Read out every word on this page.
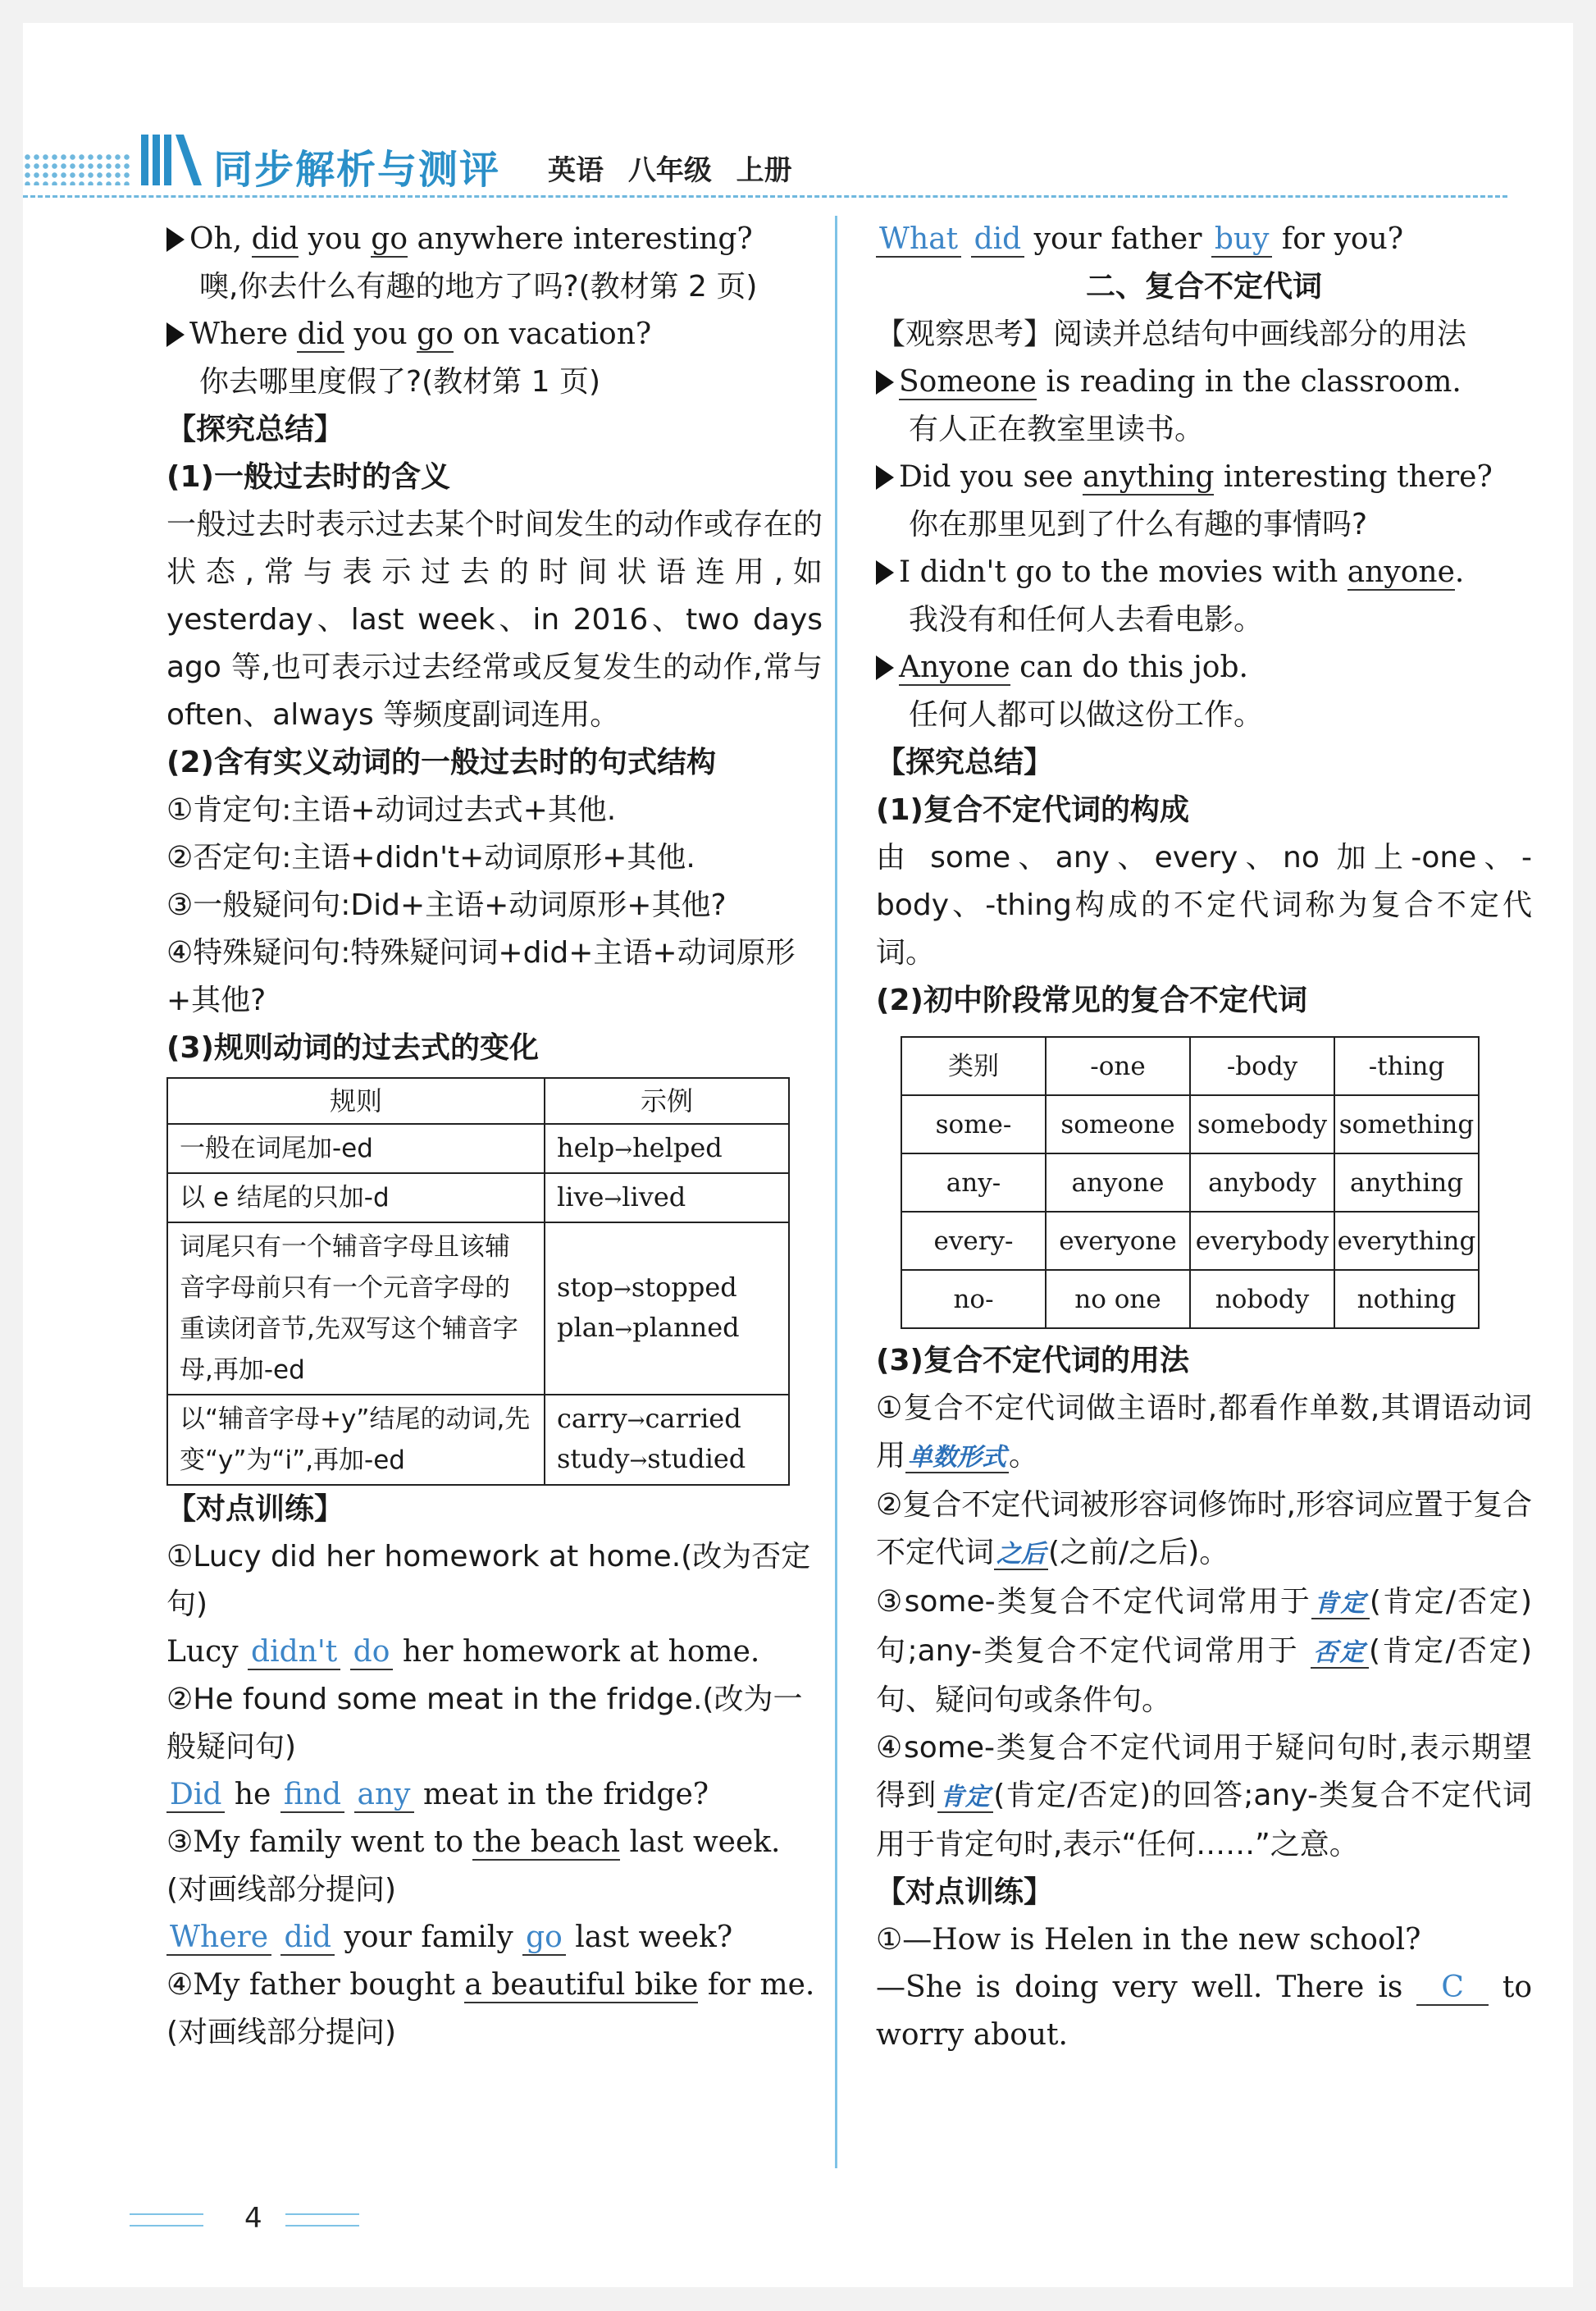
同步解析与测评 英语 八年级 上册

Oh, did you go anywhere interesting?

噢,你去什么有趣的地方了吗?(教材第 2 页)

Where did you go on vacation?

你去哪里度假了?(教材第 1 页)

【探究总结】

(1)一般过去时的含义

一般过去时表示过去某个时间发生的动作或存在的状态,常与表示过去的时间状语连用,如 yesterday、last week、in 2016、two days ago 等,也可表示过去经常或反复发生的动作,常与 often、always 等频度副词连用。

(2)含有实义动词的一般过去时的句式结构

①肯定句:主语+动词过去式+其他.

②否定句:主语+didn't+动词原形+其他.

③一般疑问句:Did+主语+动词原形+其他?

④特殊疑问句:特殊疑问词+did+主语+动词原形+其他?

(3)规则动词的过去式的变化

规则	示例
一般在词尾加-ed	help→helped
以 e 结尾的只加-d	live→lived
词尾只有一个辅音字母且该辅音字母前只有一个元音字母的重读闭音节,先双写这个辅音字母,再加-ed	stop→stopped
plan→planned
以“辅音字母+y”结尾的动词,先变“y”为“i”,再加-ed	carry→carried
study→studied

【对点训练】

①Lucy did her homework at home.(改为否定句)

Lucy didn't do her homework at home.

②He found some meat in the fridge.(改为一般疑问句)

Did he find any meat in the fridge?

③My family went to the beach last week.

(对画线部分提问)

Where did your family go last week?

④My father bought a beautiful bike for me.

(对画线部分提问)

What did your father buy for you?

二、复合不定代词

【观察思考】阅读并总结句中画线部分的用法

Someone is reading in the classroom.

有人正在教室里读书。

Did you see anything interesting there?

你在那里见到了什么有趣的事情吗?

I didn't go to the movies with anyone.

我没有和任何人去看电影。

Anyone can do this job.

任何人都可以做这份工作。

【探究总结】

(1)复合不定代词的构成

由 some、any、every、no 加上-one、-body、-thing构成的不定代词称为复合不定代词。

(2)初中阶段常见的复合不定代词

类别	-one	-body	-thing
some-	someone	somebody	something
any-	anyone	anybody	anything
every-	everyone	everybody	everything
no-	no one	nobody	nothing

(3)复合不定代词的用法

①复合不定代词做主语时,都看作单数,其谓语动词用 单数形式。

②复合不定代词被形容词修饰时,形容词应置于复合不定代词 之后(之前/之后)。

③some-类复合不定代词常用于 肯定(肯定/否定)句;any-类复合不定代词常用于 否定(肯定/否定)句、疑问句或条件句。

④some-类复合不定代词用于疑问句时,表示期望得到 肯定(肯定/否定)的回答;any-类复合不定代词用于肯定句时,表示“任何……”之意。

【对点训练】

①—How is Helen in the new school?

—She is doing very well. There is C to worry about.

4
